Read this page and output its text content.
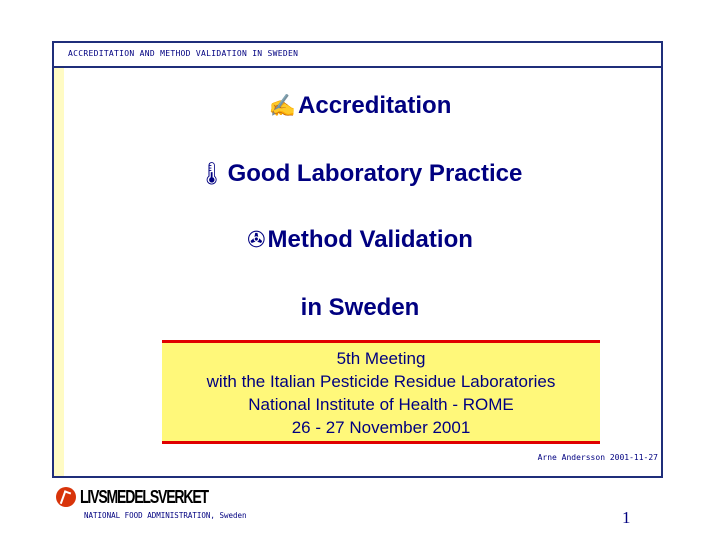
ACCREDITATION AND METHOD VALIDATION IN SWEDEN
✍Accreditation
🌡Good Laboratory Practice
✇Method Validation
in Sweden
5th Meeting
with the Italian Pesticide Residue Laboratories
National Institute of Health - ROME
26 - 27 November 2001
Arne Andersson 2001-11-27
LIVSMEDELSVERKET
NATIONAL FOOD ADMINISTRATION, Sweden	1
